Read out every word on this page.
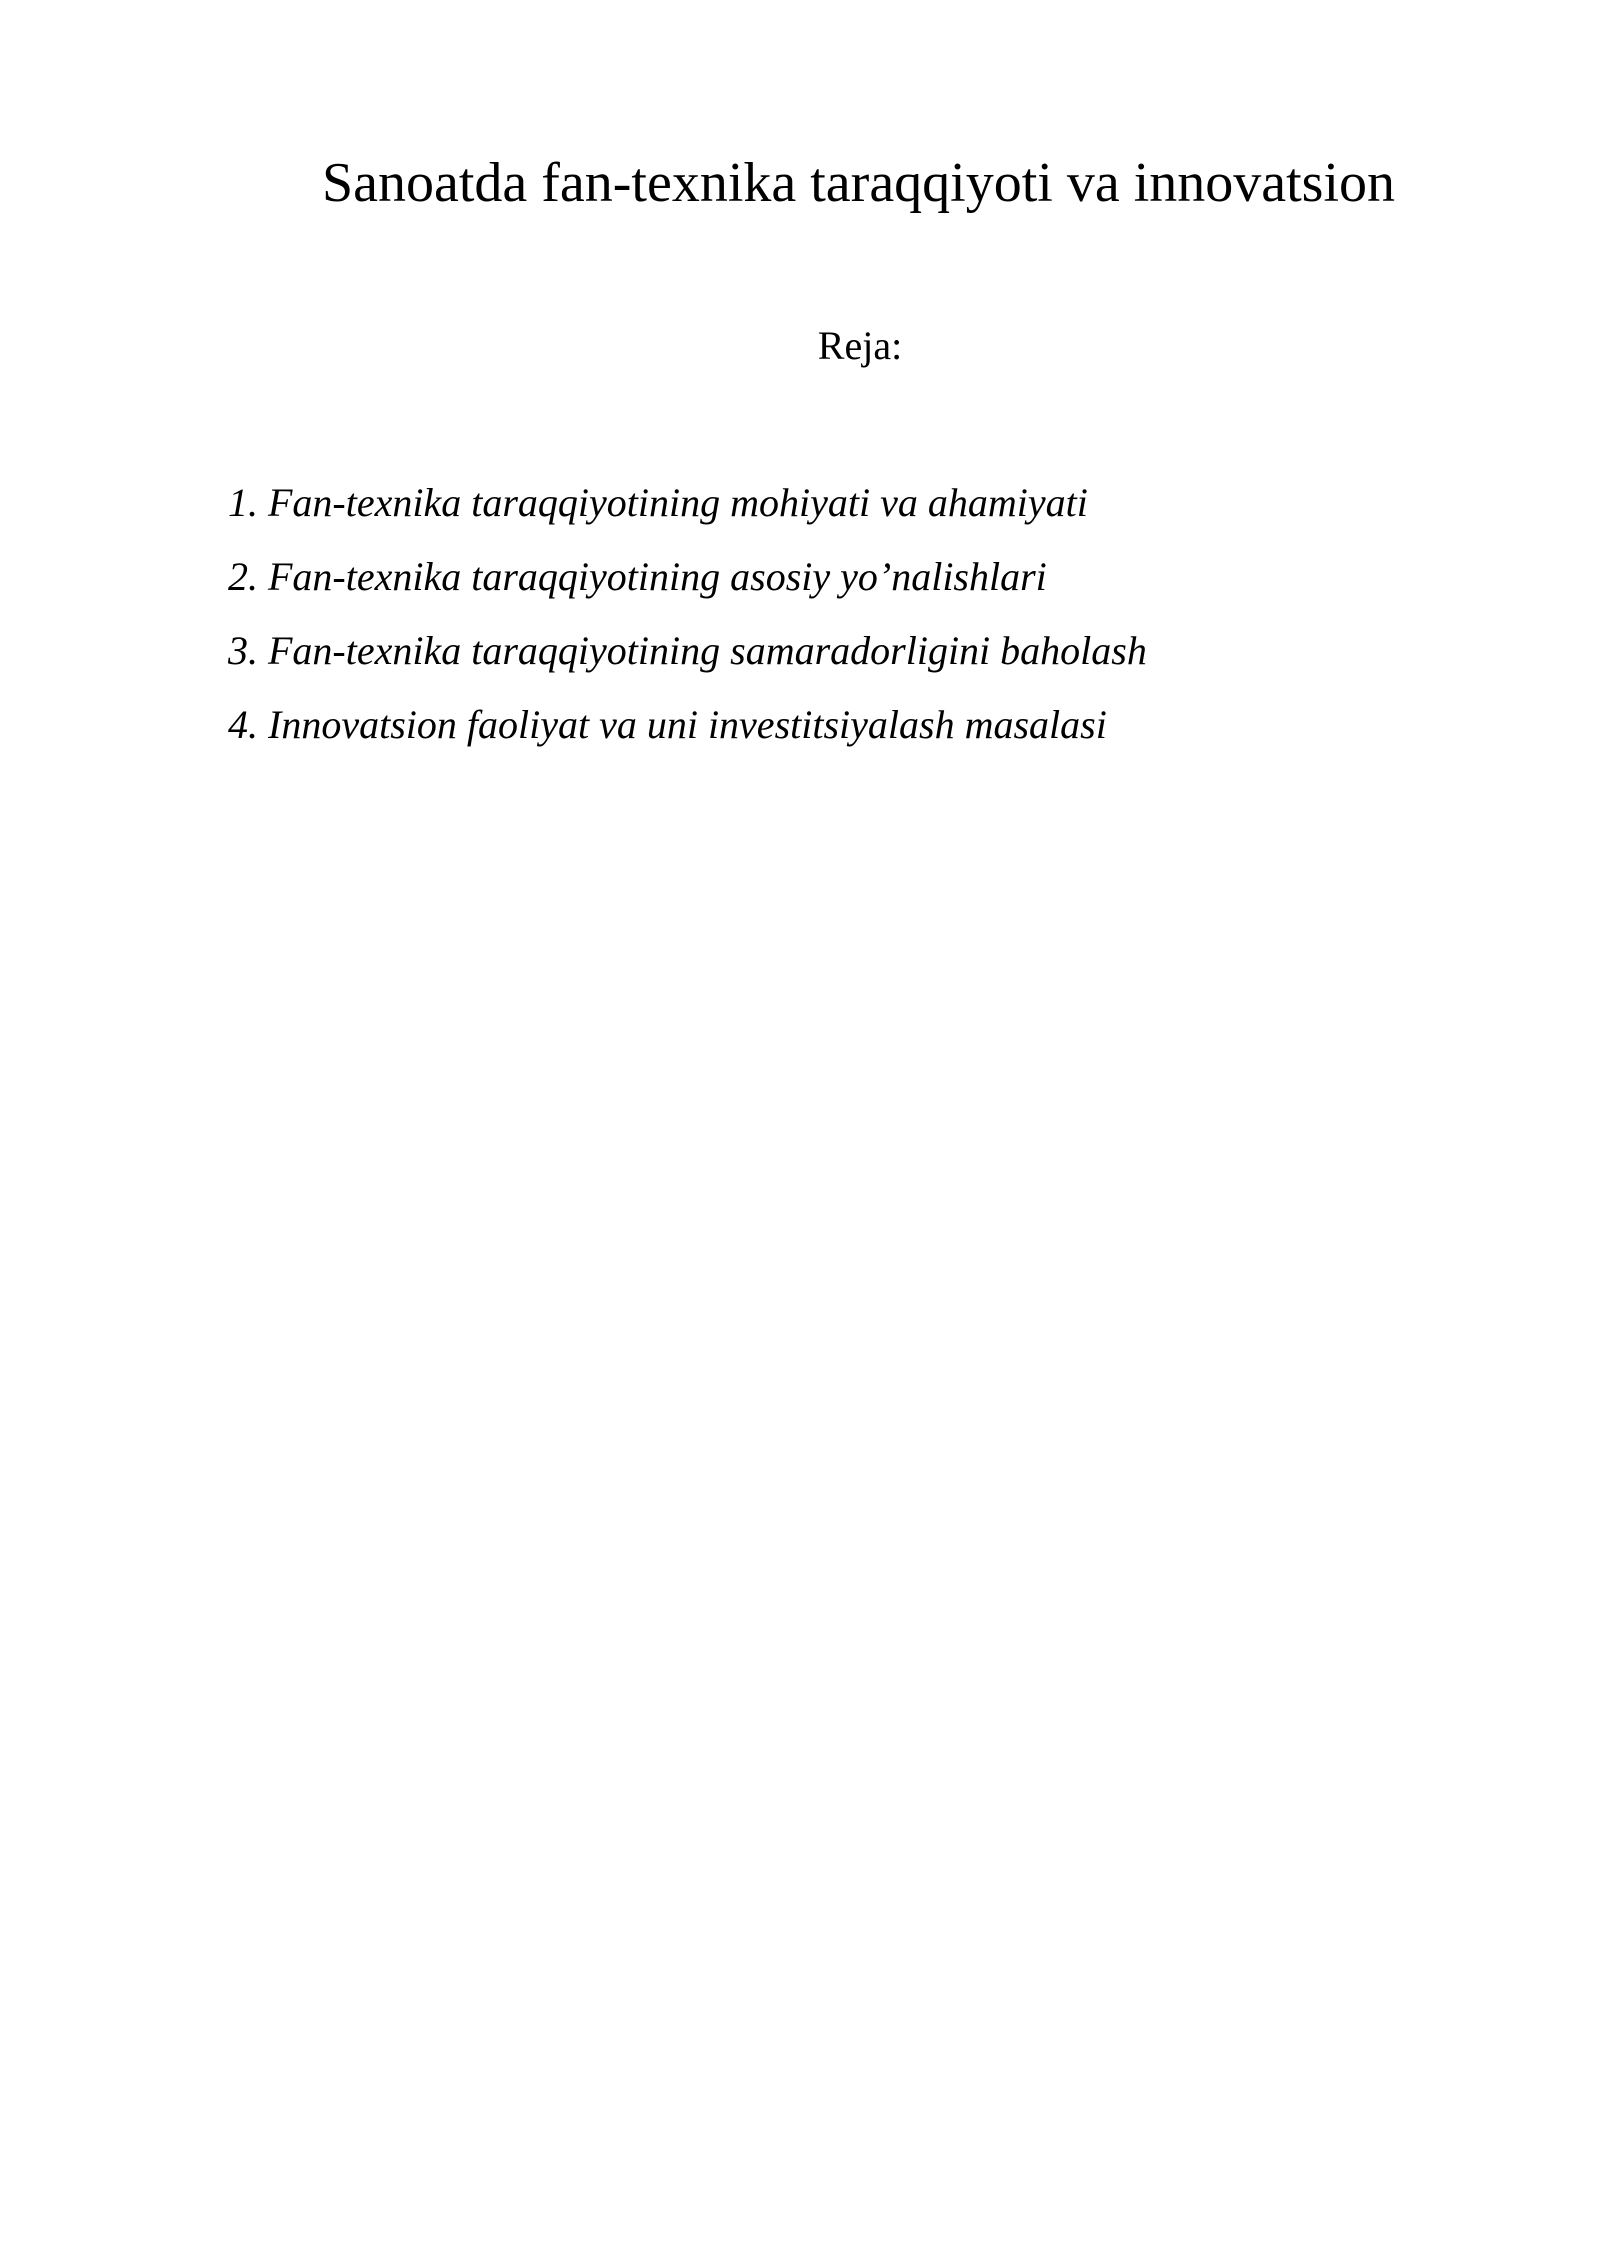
Sanoatda fan-texnika taraqqiyoti va innovatsion
Reja:
1. Fan-texnika taraqqiyotining mohiyati va ahamiyati
2. Fan-texnika taraqqiyotining asosiy yo’nalishlari
3. Fan-texnika taraqqiyotining samaradorligini baholash
4. Innovatsion faoliyat va uni investitsiyalash masalasi
